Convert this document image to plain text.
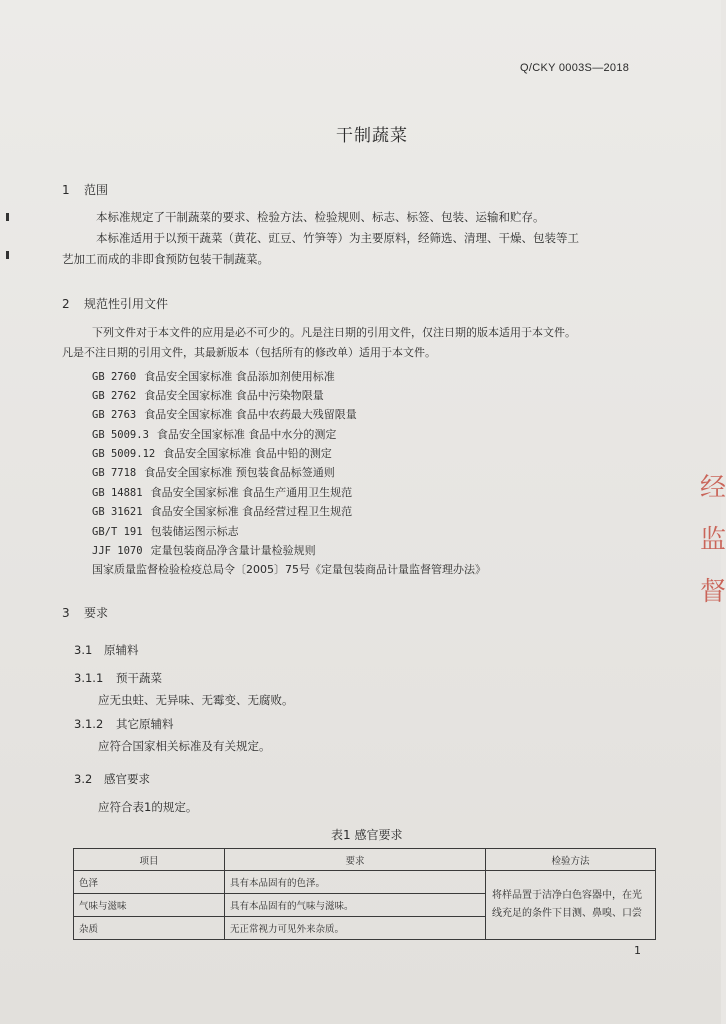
Q/CKY 0003S—2018
干制蔬菜
1 范围
本标准规定了干制蔬菜的要求、检验方法、检验规则、标志、标签、包装、运输和贮存。
本标准适用于以预干蔬菜（黄花、豇豆、竹笋等）为主要原料，经筛选、清理、干燥、包装等工
艺加工而成的非即食预防包装干制蔬菜。
2 规范性引用文件
下列文件对于本文件的应用是必不可少的。凡是注日期的引用文件，仅注日期的版本适用于本文件。
凡是不注日期的引用文件，其最新版本（包括所有的修改单）适用于本文件。
GB 2760 食品安全国家标准 食品添加剂使用标准
GB 2762 食品安全国家标准 食品中污染物限量
GB 2763 食品安全国家标准 食品中农药最大残留限量
GB 5009.3 食品安全国家标准 食品中水分的测定
GB 5009.12 食品安全国家标准 食品中铅的测定
GB 7718 食品安全国家标准 预包装食品标签通则
GB 14881 食品安全国家标准 食品生产通用卫生规范
GB 31621 食品安全国家标准 食品经营过程卫生规范
GB/T 191 包装储运图示标志
JJF 1070 定量包装商品净含量计量检验规则
国家质量监督检验检疫总局令〔2005〕75号《定量包装商品计量监督管理办法》
3 要求
3.1 原辅料
3.1.1 预干蔬菜
应无虫蛀、无异味、无霉变、无腐败。
3.1.2 其它原辅料
应符合国家相关标准及有关规定。
3.2 感官要求
应符合表1的规定。
表1 感官要求
项目	要求	检验方法
色泽	具有本品固有的色泽。	将样品置于洁净白色容器中，在光线充足的条件下目测、鼻嗅、口尝
气味与滋味	具有本品固有的气味与滋味。	
杂质	无正常视力可见外来杂质。	
1
经监督
